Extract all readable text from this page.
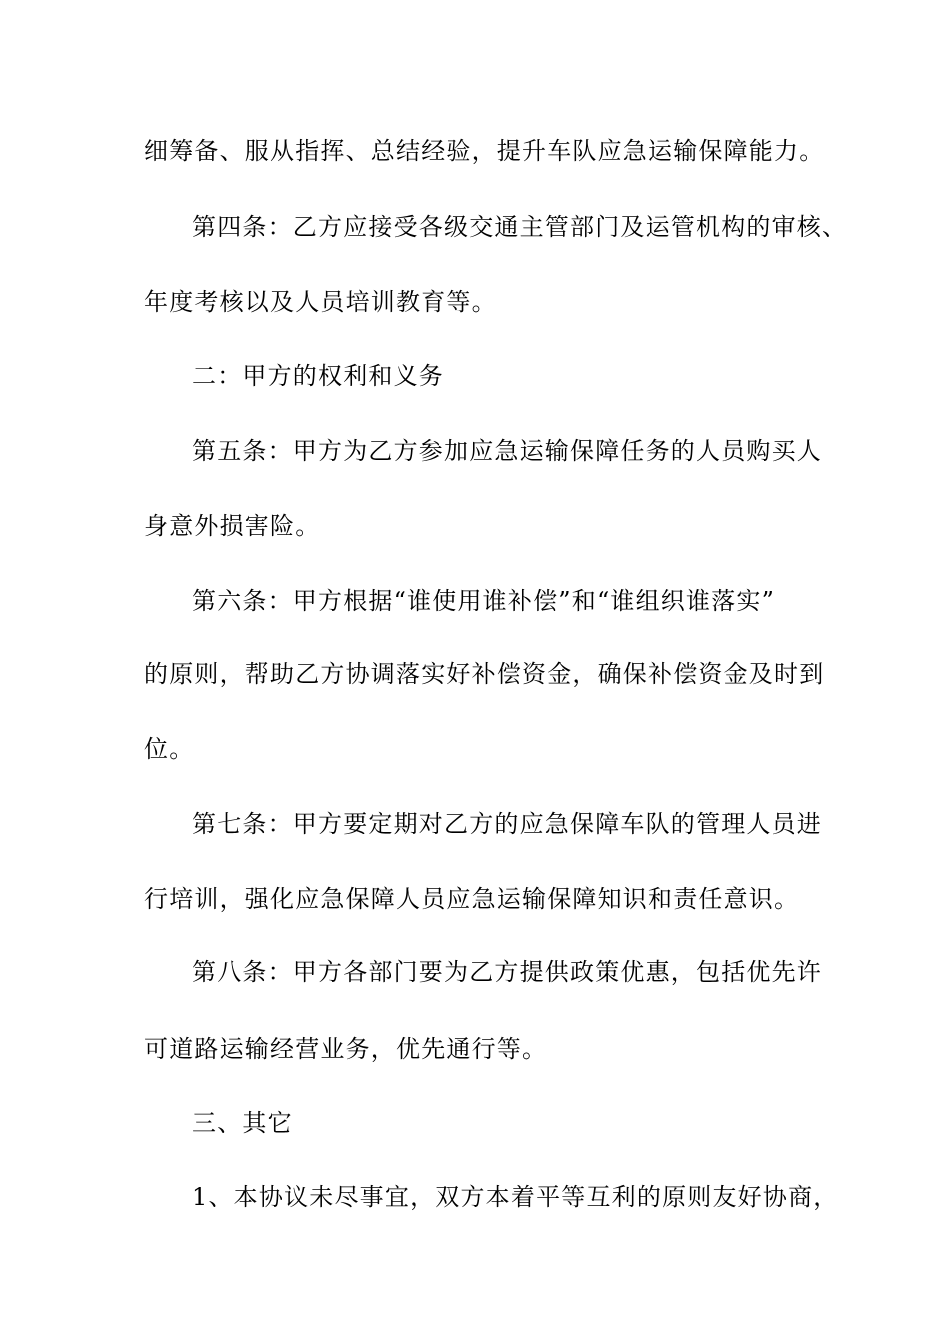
细筹备、服从指挥、总结经验，提升车队应急运输保障能力。
第四条：乙方应接受各级交通主管部门及运管机构的审核、
年度考核以及人员培训教育等。
二：甲方的权利和义务
第五条：甲方为乙方参加应急运输保障任务的人员购买人
身意外损害险。
第六条：甲方根据“谁使用谁补偿”和“谁组织谁落实”
的原则，帮助乙方协调落实好补偿资金，确保补偿资金及时到
位。
第七条：甲方要定期对乙方的应急保障车队的管理人员进
行培训，强化应急保障人员应急运输保障知识和责任意识。
第八条：甲方各部门要为乙方提供政策优惠，包括优先许
可道路运输经营业务，优先通行等。
三、其它
1、本协议未尽事宜，双方本着平等互利的原则友好协商，
